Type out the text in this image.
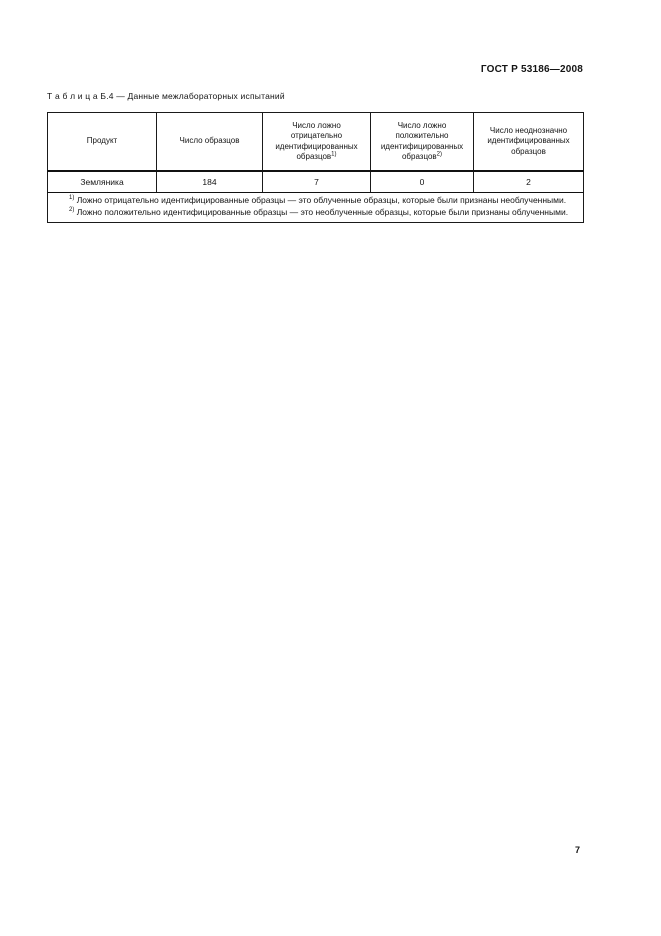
ГОСТ Р 53186—2008
Т а б л и ц а Б.4 — Данные межлабораторных испытаний
Продукт	Число образцов	Число ложно отрицательно идентифицированных образцов$^{1)}$	Число ложно положительно идентифицированных образцов$^{2)}$	Число неоднозначно идентифицированных образцов
Земляника	184	7	0	2

$^{1)}$ Ложно отрицательно идентифицированные образцы — это облученные образцы, которые были признаны необлученными.

$^{2)}$ Ложно положительно идентифицированные образцы — это необлученные образцы, которые были признаны облученными.				

7
